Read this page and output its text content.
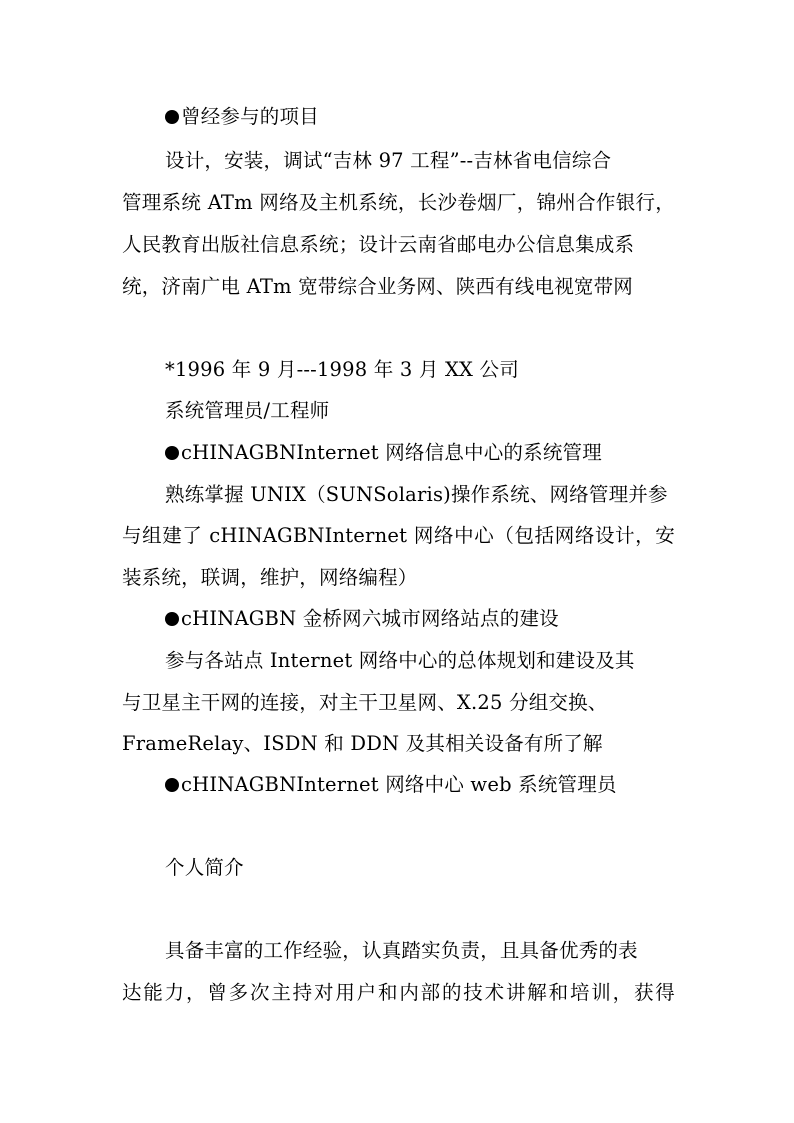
曾经参与的项目
设计，安装，调试“吉林 97 工程”--吉林省电信综合
管理系统 ATm 网络及主机系统，长沙卷烟厂，锦州合作银行，
人民教育出版社信息系统；设计云南省邮电办公信息集成系
统，济南广电 ATm 宽带综合业务网、陕西有线电视宽带网
*1996 年 9 月---1998 年 3 月 XX 公司
系统管理员/工程师
cHINAGBNInternet 网络信息中心的系统管理
熟练掌握 UNIX（SUNSolaris)操作系统、网络管理并参
与组建了 cHINAGBNInternet 网络中心（包括网络设计，安
装系统，联调，维护，网络编程）
cHINAGBN 金桥网六城市网络站点的建设
参与各站点 Internet 网络中心的总体规划和建设及其
与卫星主干网的连接，对主干卫星网、X.25 分组交换、
FrameRelay、ISDN 和 DDN 及其相关设备有所了解
cHINAGBNInternet 网络中心 web 系统管理员
个人简介
具备丰富的工作经验，认真踏实负责，且具备优秀的表
达能力，曾多次主持对用户和内部的技术讲解和培训，获得
